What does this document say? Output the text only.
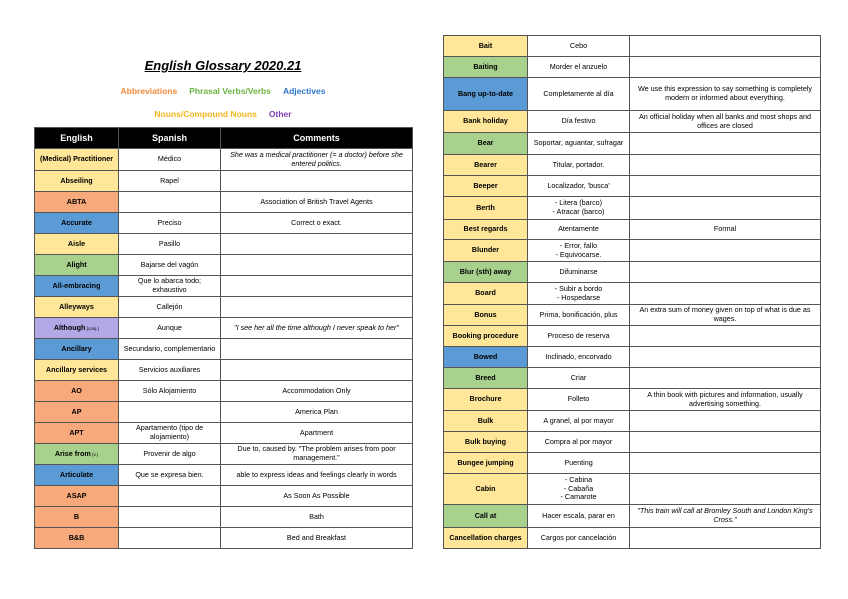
English Glossary 2020.21
Abbreviations Phrasal Verbs/Verbs Adjectives
Nouns/Compound Nouns Other
English	Spanish	Comments
(Medical) Practitioner	Médico	She was a medical practitioner (= a doctor) before she entered politics.
Abseiling	Rapel	
ABTA		Association of British Travel Agents
Accurate	Preciso	Correct o exact.
Aisle	Pasillo	
Alight	Bajarse del vagón	
All-embracing	Que lo abarca todo; exhaustivo	
Alleyways	Callejón	
Although (conj.)	Aunque	"I see her all the time although I never speak to her"
Ancillary	Secundario, complementario	
Ancillary services	Servicios auxiliares	
AO	Sólo Alojamiento	Accommodation Only
AP		America Plan
APT	Apartamento (tipo de alojamiento)	Apartment
Arise from (v.)	Provenir de algo	Due to, caused by. "The problem arises from poor management."
Articulate	Que se expresa bien.	able to express ideas and feelings clearly in words
ASAP		As Soon As Possible
B		Bath
B&B		Bed and Breakfast
Bait	Cebo	
Baiting	Morder el anzuelo	
Bang up-to-date	Completamente al día	We use this expression to say something is completely modern or informed about everything.
Bank holiday	Día festivo	An official holiday when all banks and most shops and offices are closed
Bear	Soportar, aguantar, sufragar	
Bearer	Titular, portador.	
Beeper	Localizador, 'busca'	
Berth	- Litera (barco)
- Atracar (barco)	
Best regards	Atentamente	Formal
Blunder	- Error, fallo
- Equivocarse.	
Blur (sth) away	Difuminarse	
Board	- Subir a bordo
- Hospedarse	
Bonus	Prima, bonificación, plus	An extra sum of money given on top of what is due as wages.
Booking procedure	Proceso de reserva	
Bowed	Inclinado, encorvado	
Breed	Criar	
Brochure	Folleto	A thin book with pictures and information, usually advertising something.
Bulk	A granel, al por mayor	
Bulk buying	Compra al por mayor	
Bungee jumping	Puenting	
Cabin	- Cabina
- Cabaña
- Camarote	
Call at	Hacer escala, parar en	"This train will call at Bromley South and London King's Cross."
Cancellation charges	Cargos por cancelación	
